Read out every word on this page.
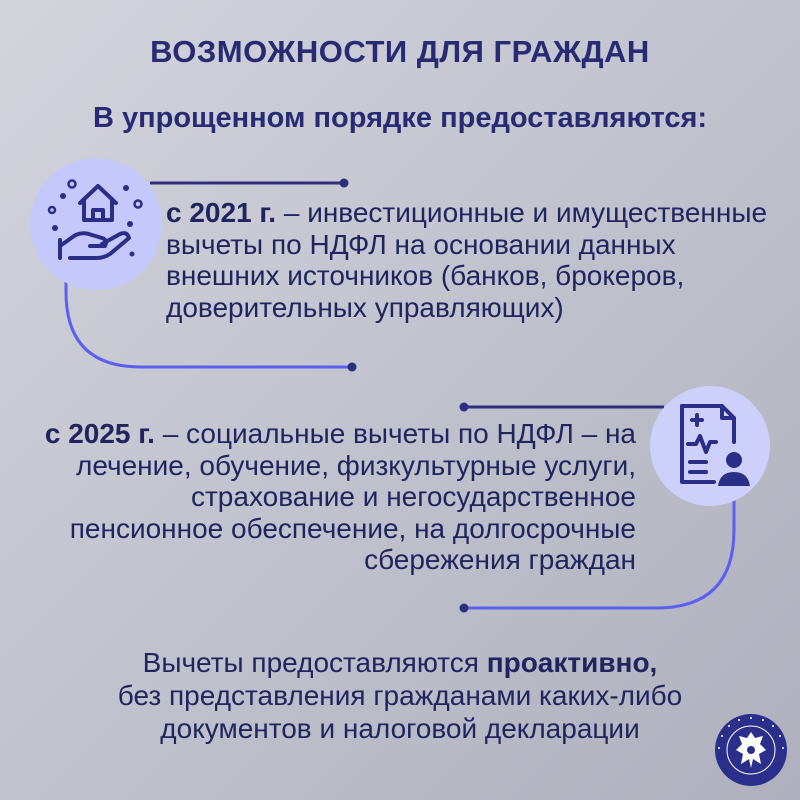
ВОЗМОЖНОСТИ ДЛЯ ГРАЖДАН
В упрощенном порядке предоставляются:
с 2021 г. – инвестиционные и имущественные вычеты по НДФЛ на основании данных внешних источников (банков, брокеров, доверительных управляющих)
с 2025 г. – социальные вычеты по НДФЛ – на лечение, обучение, физкультурные услуги, страхование и негосударственное пенсионное обеспечение, на долгосрочные сбережения граждан
Вычеты предоставляются проактивно,
без представления гражданами каких-либо
документов и налоговой декларации
